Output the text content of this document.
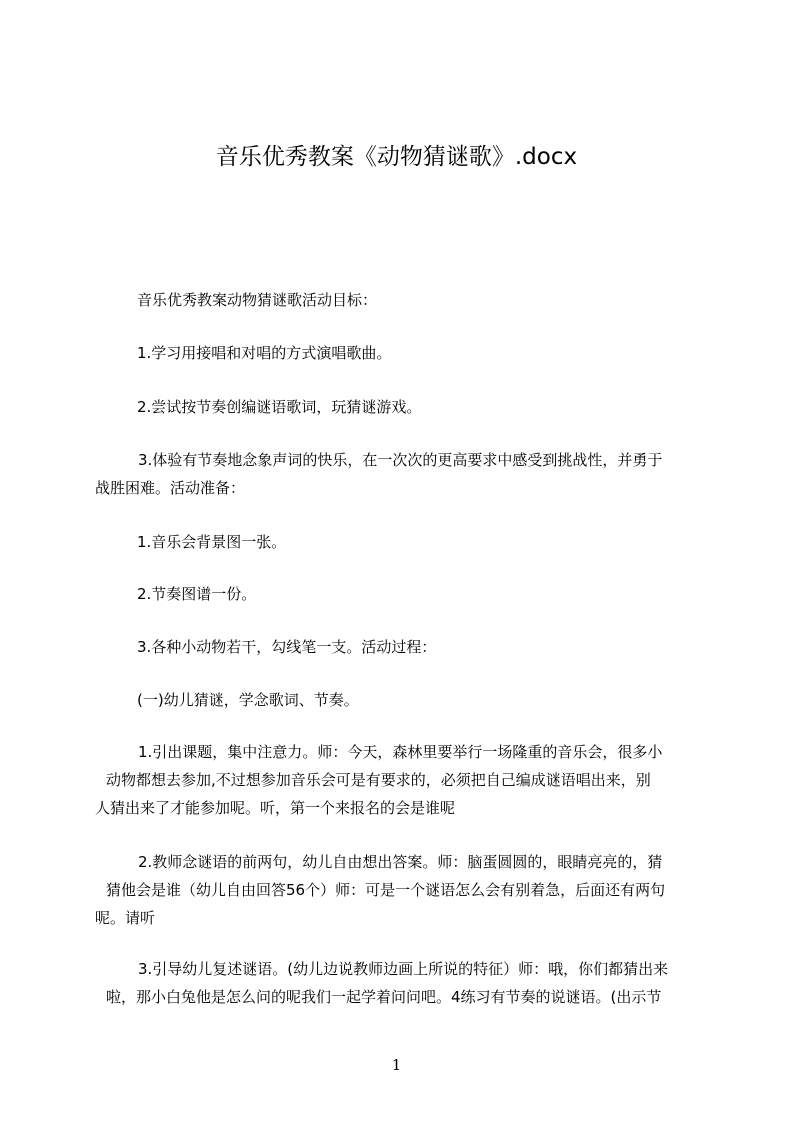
音乐优秀教案《动物猜谜歌》.docx
音乐优秀教案动物猜谜歌活动目标：
1.学习用接唱和对唱的方式演唱歌曲。
2.尝试按节奏创编谜语歌词，玩猜谜游戏。
3.体验有节奏地念象声词的快乐，在一次次的更高要求中感受到挑战性，并勇于
战胜困难。活动准备：
1.音乐会背景图一张。
2.节奏图谱一份。
3.各种小动物若干，勾线笔一支。活动过程：
(一)幼儿猜谜，学念歌词、节奏。
1.引出课题，集中注意力。师：今天，森林里要举行一场隆重的音乐会，很多小
动物都想去参加,不过想参加音乐会可是有要求的，必须把自己编成谜语唱出来，别
人猜出来了才能参加呢。听，第一个来报名的会是谁呢
2.教师念谜语的前两句，幼儿自由想出答案。师：脑蛋圆圆的，眼睛亮亮的，猜
猜他会是谁（幼儿自由回答56个）师：可是一个谜语怎么会有别着急，后面还有两句
呢。请听
3.引导幼儿复述谜语。(幼儿边说教师边画上所说的特征）师：哦，你们都猜出来
啦，那小白兔他是怎么问的呢我们一起学着问问吧。4练习有节奏的说谜语。(出示节
1
